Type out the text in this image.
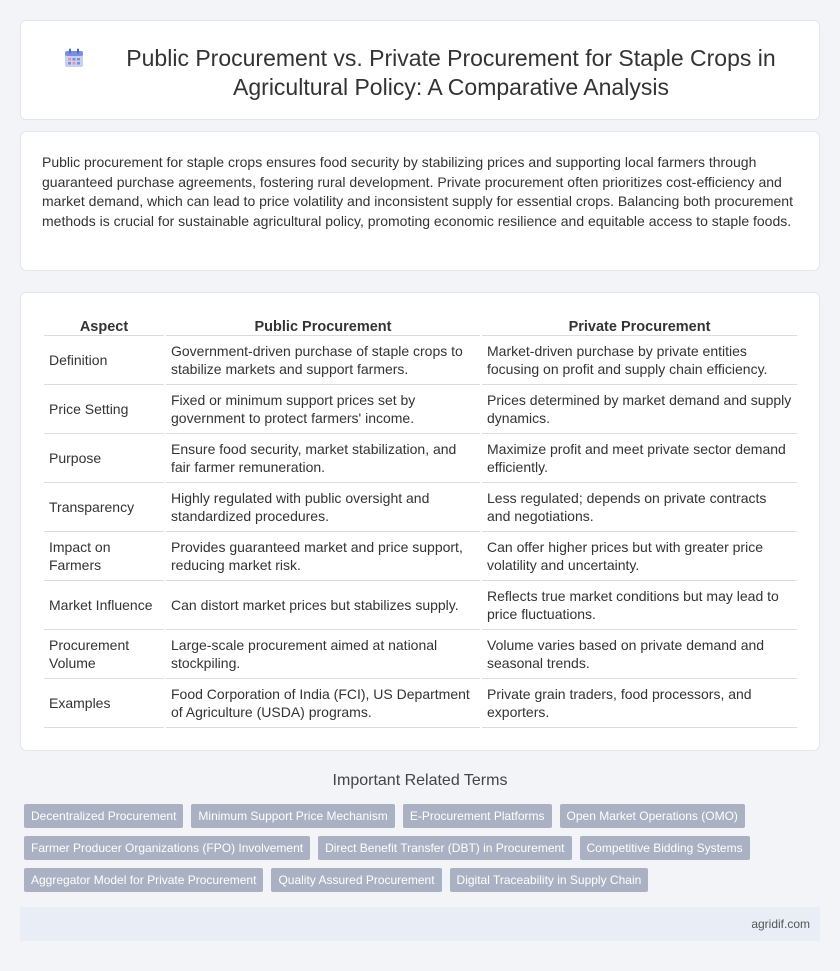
Public Procurement vs. Private Procurement for Staple Crops in Agricultural Policy: A Comparative Analysis

Public procurement for staple crops ensures food security by stabilizing prices and supporting local farmers through guaranteed purchase agreements, fostering rural development. Private procurement often prioritizes cost-efficiency and market demand, which can lead to price volatility and inconsistent supply for essential crops. Balancing both procurement methods is crucial for sustainable agricultural policy, promoting economic resilience and equitable access to staple foods.

Aspect	Public Procurement	Private Procurement
Definition	Government-driven purchase of staple crops to stabilize markets and support farmers.	Market-driven purchase by private entities focusing on profit and supply chain efficiency.
Price Setting	Fixed or minimum support prices set by government to protect farmers' income.	Prices determined by market demand and supply dynamics.
Purpose	Ensure food security, market stabilization, and fair farmer remuneration.	Maximize profit and meet private sector demand efficiently.
Transparency	Highly regulated with public oversight and standardized procedures.	Less regulated; depends on private contracts and negotiations.
Impact on Farmers	Provides guaranteed market and price support, reducing market risk.	Can offer higher prices but with greater price volatility and uncertainty.
Market Influence	Can distort market prices but stabilizes supply.	Reflects true market conditions but may lead to price fluctuations.
Procurement Volume	Large-scale procurement aimed at national stockpiling.	Volume varies based on private demand and seasonal trends.
Examples	Food Corporation of India (FCI), US Department of Agriculture (USDA) programs.	Private grain traders, food processors, and exporters.
Important Related Terms
Decentralized Procurement	Minimum Support Price Mechanism	E-Procurement Platforms	Open Market Operations (OMO)
Farmer Producer Organizations (FPO) Involvement	Direct Benefit Transfer (DBT) in Procurement	Competitive Bidding Systems
Aggregator Model for Private Procurement	Quality Assured Procurement	Digital Traceability in Supply Chain
agridif.com
